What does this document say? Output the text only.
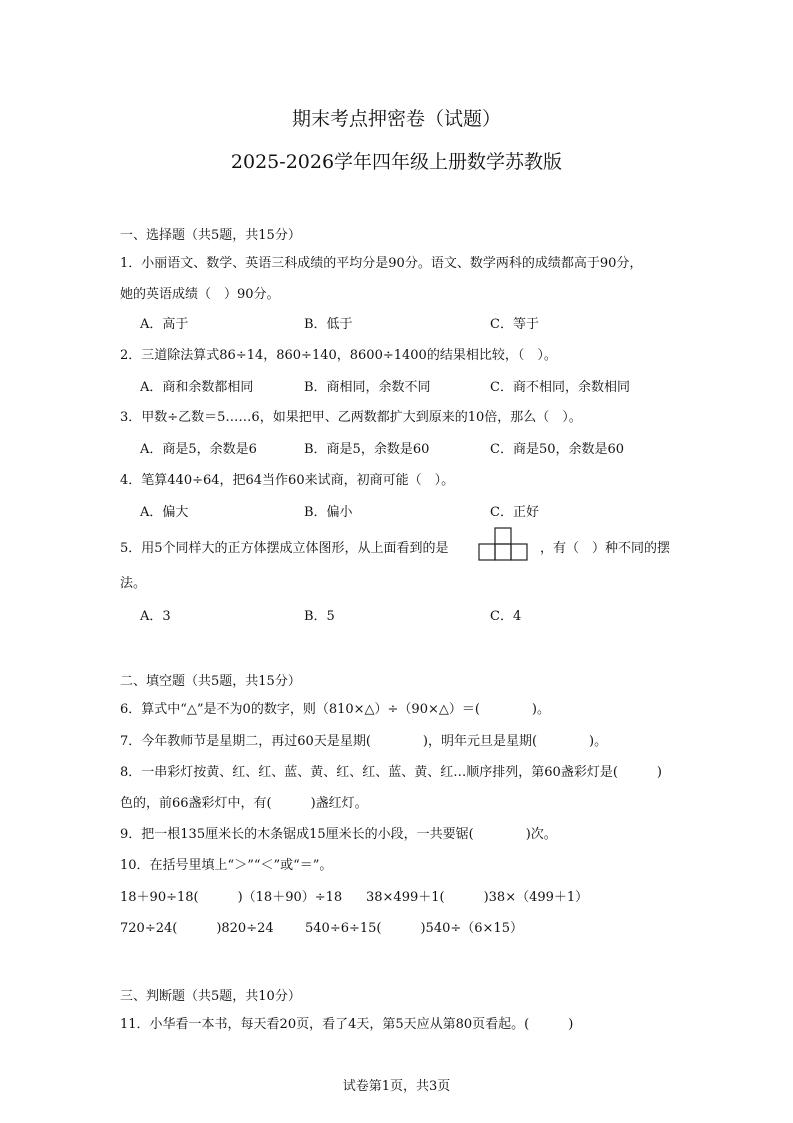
期末考点押密卷（试题）
2025-2026学年四年级上册数学苏教版
一、选择题（共5题，共15分）
1．小丽语文、数学、英语三科成绩的平均分是90分。语文、数学两科的成绩都高于90分，
她的英语成绩（　）90分。
A．高于	B．低于	C．等于
2．三道除法算式86÷14，860÷140，8600÷1400的结果相比较，（　）。
A．商和余数都相同	B．商相同，余数不同	C．商不相同，余数相同
3．甲数÷乙数＝5……6，如果把甲、乙两数都扩大到原来的10倍，那么（　）。
A．商是5，余数是6	B．商是5，余数是60	C．商是50，余数是60
4．笔算440÷64，把64当作60来试商，初商可能（　）。
A．偏大	B．偏小	C．正好
5．用5个同样大的正方体摆成立体图形，从上面看到的是	，有（　）种不同的摆
法。
A．3	B．5	C．4
二、填空题（共5题，共15分）
6．算式中“△”是不为0的数字，则（810×△）÷（90×△）＝(　　　　)。
7．今年教师节是星期二，再过60天是星期(　　　　)，明年元旦是星期(　　　　)。
8．一串彩灯按黄、红、红、蓝、黄、红、红、蓝、黄、红…顺序排列，第60盏彩灯是(　　　)
色的，前66盏彩灯中，有(　　　)盏红灯。
9．把一根135厘米长的木条锯成15厘米长的小段，一共要锯(　　　　)次。
10．在括号里填上“＞”“＜”或“＝”。
18＋90÷18(　　　)（18＋90）÷18 38×499＋1(　　　)38×（499＋1）
720÷24(　　　)820÷24 540÷6÷15(　　　)540÷（6×15）
三、判断题（共5题，共10分）
11．小华看一本书，每天看20页，看了4天，第5天应从第80页看起。(　　　)
试卷第1页，共3页
